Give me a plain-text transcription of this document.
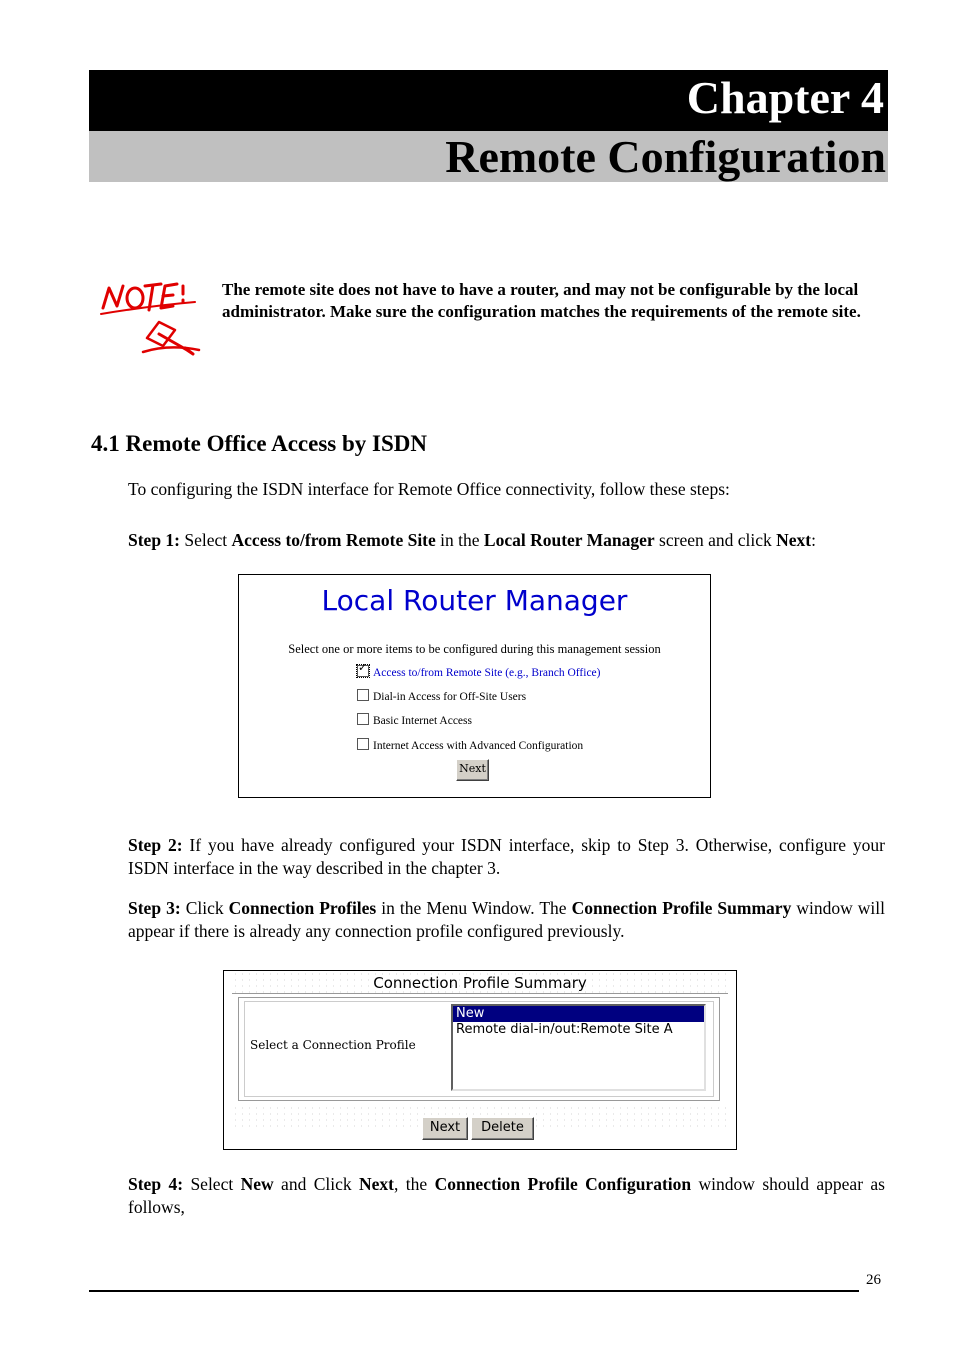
Chapter 4
Remote Configuration
The remote site does not have to have a router, and may not be configurable by the local administrator. Make sure the configuration matches the requirements of the remote site.
4.1 Remote Office Access by ISDN

To configuring the ISDN interface for Remote Office connectivity, follow these steps:

Step 1: Select Access to/from Remote Site in the Local Router Manager screen and click Next:

Local Router Manager
Select one or more items to be configured during this management session
✓Access to/from Remote Site (e.g., Branch Office)
Dial-in Access for Off-Site Users
Basic Internet Access
Internet Access with Advanced Configuration
Next

Step 2: If you have already configured your ISDN interface, skip to Step 3. Otherwise, configure your ISDN interface in the way described in the chapter 3.

Step 3: Click Connection Profiles in the Menu Window. The Connection Profile Summary window will appear if there is already any connection profile configured previously.

Connection Profile Summary
Select a Connection Profile
New
Remote dial-in/out:Remote Site A
Next	Delete

Step 4: Select New and Click Next, the Connection Profile Configuration window should appear as follows,

26
